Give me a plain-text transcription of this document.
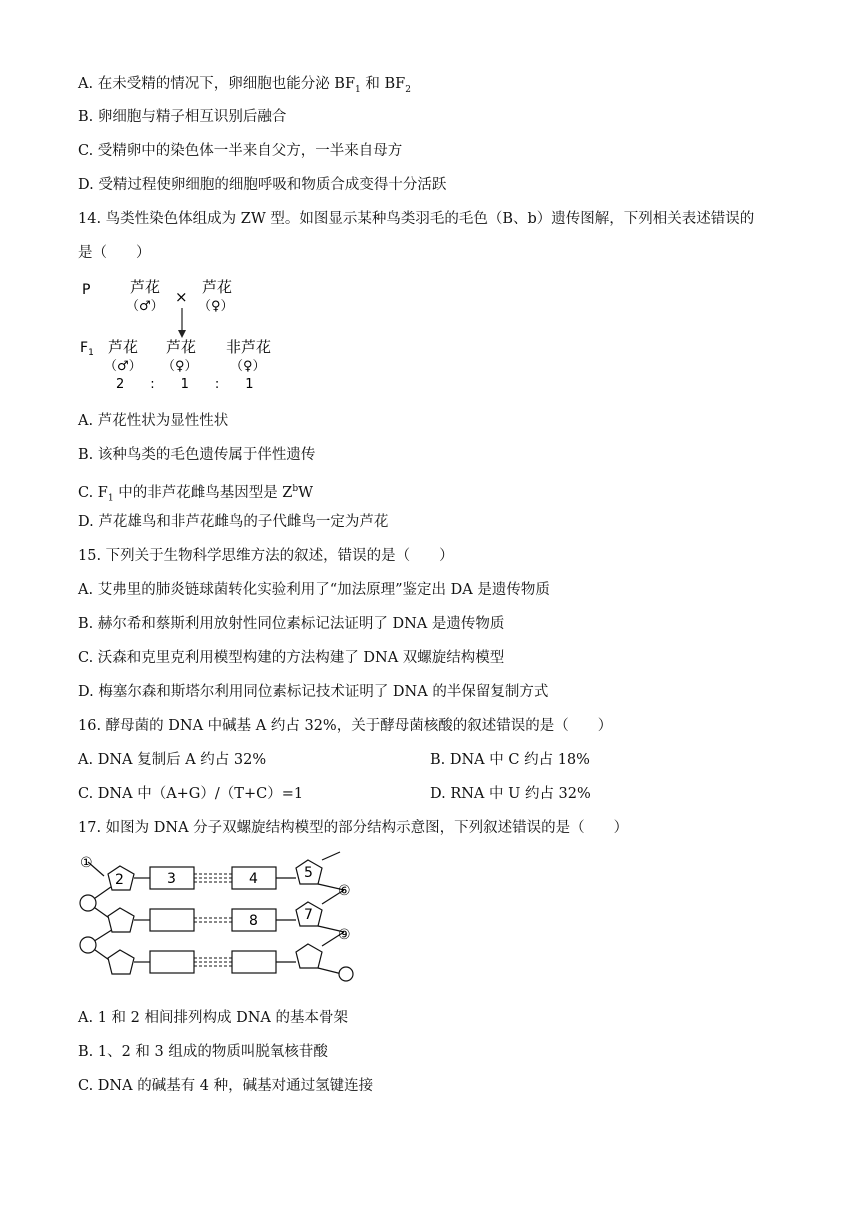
A. 在未受精的情况下，卵细胞也能分泌 $BF_1$ 和 $BF_2$
B. 卵细胞与精子相互识别后融合
C. 受精卵中的染色体一半来自父方，一半来自母方
D. 受精过程使卵细胞的细胞呼吸和物质合成变得十分活跃
14. 鸟类性染色体组成为 ZW 型。如图显示某种鸟类羽毛的毛色（B、b）遗传图解，下列相关表述错误的
是（　　）
P	芦花
（♂）
×
芦花
（♀）
$F_1$ 芦花
（♂）
芦花
（♀）
非芦花
（♀）
2　　:　　1　　:　　1
A. 芦花性状为显性性状
B. 该种鸟类的毛色遗传属于伴性遗传
C. $F_1$ 中的非芦花雌鸟基因型是 $Z^bW$
D. 芦花雄鸟和非芦花雌鸟的子代雌鸟一定为芦花
15. 下列关于生物科学思维方法的叙述，错误的是（　　）
A. 艾弗里的肺炎链球菌转化实验利用了“加法原理”鉴定出 DA 是遗传物质
B. 赫尔希和蔡斯利用放射性同位素标记法证明了 DNA 是遗传物质
C. 沃森和克里克利用模型构建的方法构建了 DNA 双螺旋结构模型
D. 梅塞尔森和斯塔尔利用同位素标记技术证明了 DNA 的半保留复制方式
16. 酵母菌的 DNA 中碱基 A 约占 32%，关于酵母菌核酸的叙述错误的是（　　）
A. DNA 复制后 A 约占 32%	B. DNA 中 C 约占 18%
C. DNA 中（A+G）/（T+C）=1	D. RNA 中 U 约占 32%
17. 如图为 DNA 分子双螺旋结构模型的部分结构示意图，下列叙述错误的是（　　）
①
2	3	4	5
⑥
7
8
⑨
A. 1 和 2 相间排列构成 DNA 的基本骨架
B. 1、2 和 3 组成的物质叫脱氧核苷酸
C. DNA 的碱基有 4 种，碱基对通过氢键连接
